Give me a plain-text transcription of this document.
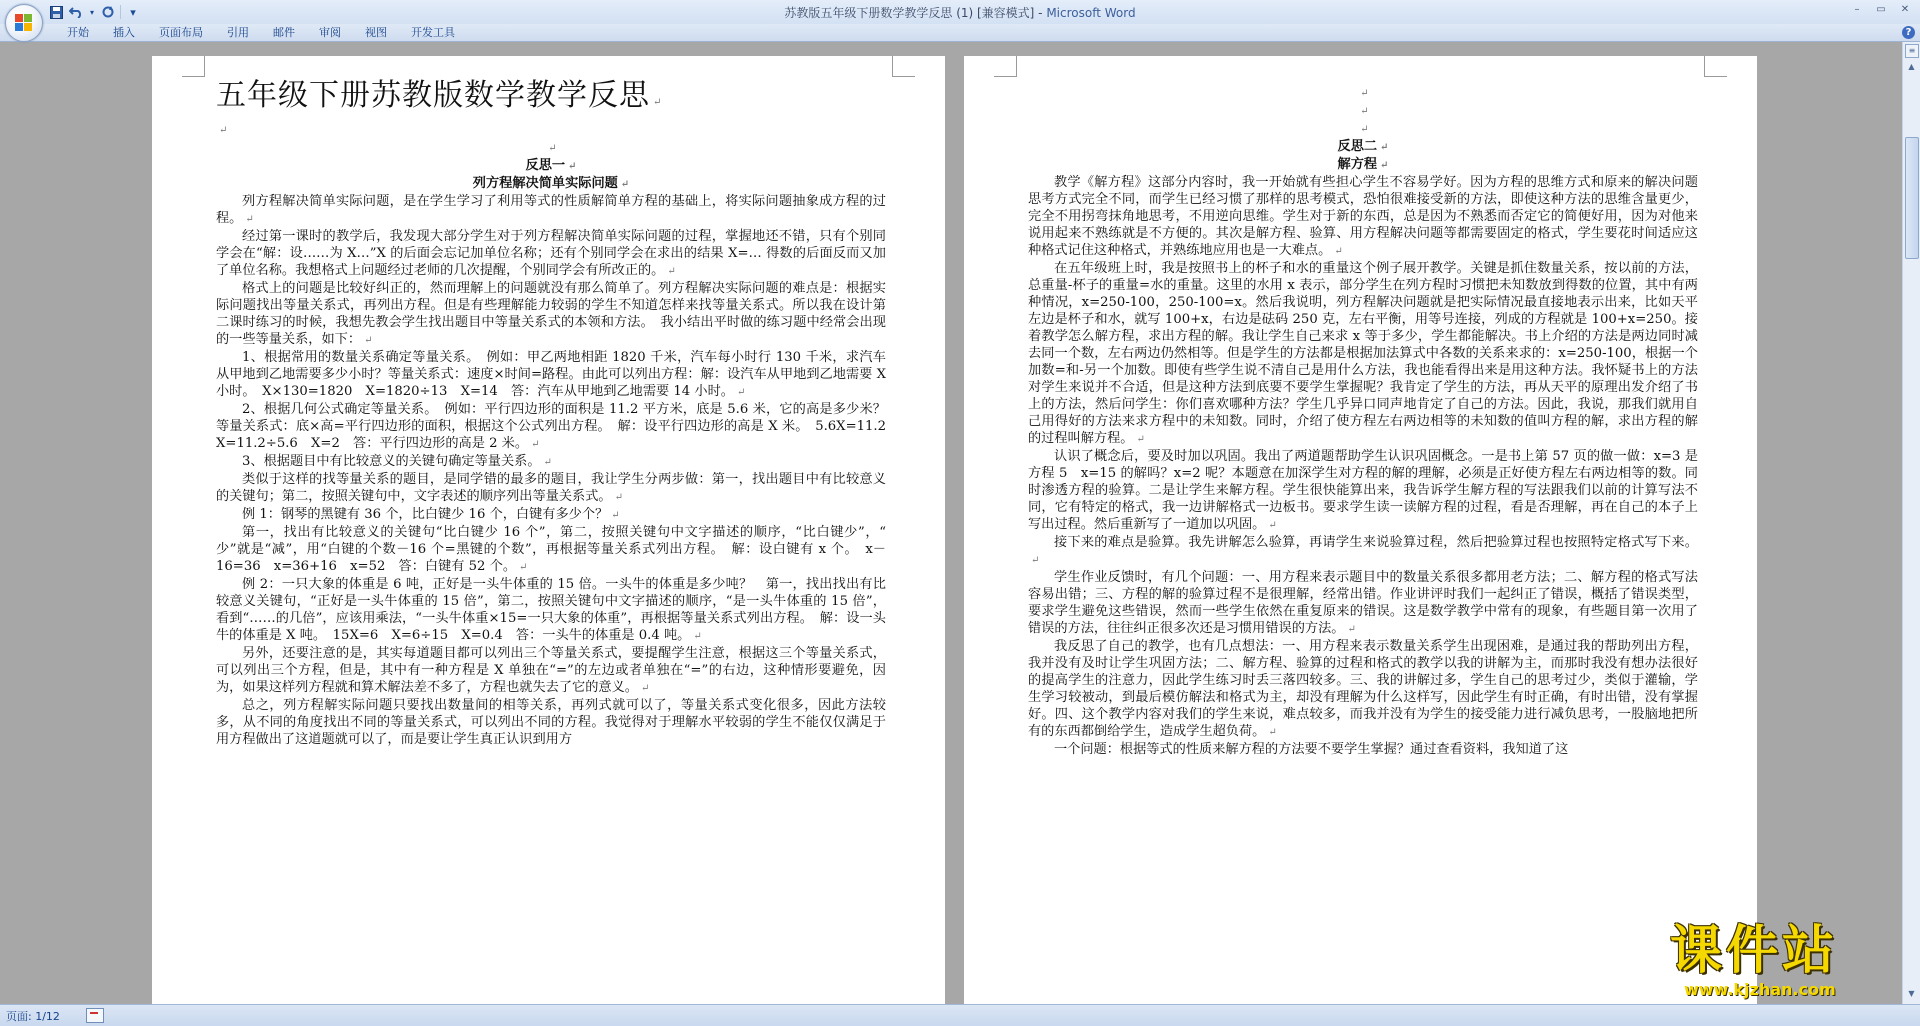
▾	▾	苏教版五年级下册数学教学反思 (1) [兼容模式] - Microsoft Word	–	▭	✕
开始	插入	页面布局	引用	邮件	审阅	视图	开发工具	?

五年级下册苏教版数学教学反思 ↵

↵

↵

反思一 ↵

列方程解决简单实际问题 ↵

列方程解决简单实际问题，是在学生学习了利用等式的性质解简单方程的基础上，将实际问题抽象成方程的过程。 ↵

经过第一课时的教学后，我发现大部分学生对于列方程解决简单实际问题的过程，掌握地还不错，只有个别同学会在“解：设……为 X…”X 的后面会忘记加单位名称；还有个别同学会在求出的结果 X=… 得数的后面反而又加了单位名称。我想格式上问题经过老师的几次提醒，个别同学会有所改正的。 ↵

格式上的问题是比较好纠正的，然而理解上的问题就没有那么简单了。列方程解决实际问题的难点是：根据实际问题找出等量关系式，再列出方程。但是有些理解能力较弱的学生不知道怎样来找等量关系式。所以我在设计第二课时练习的时候，我想先教会学生找出题目中等量关系式的本领和方法。　我小结出平时做的练习题中经常会出现的一些等量关系，如下： ↵

1、根据常用的数量关系确定等量关系。　例如：甲乙两地相距 1820 千米，汽车每小时行 130 千米，求汽车从甲地到乙地需要多少小时？等量关系式：速度×时间=路程。由此可以列出方程：解：设汽车从甲地到乙地需要 X 小时。　X×130=1820　X=1820÷13　X=14　答：汽车从甲地到乙地需要 14 小时。 ↵

2、根据几何公式确定等量关系。　例如：平行四边形的面积是 11.2 平方米，底是 5.6 米，它的高是多少米？　等量关系式：底×高=平行四边形的面积，根据这个公式列出方程。　解：设平行四边形的高是 X 米。　5.6X=11.2　X=11.2÷5.6　X=2　答：平行四边形的高是 2 米。 ↵

3、根据题目中有比较意义的关键句确定等量关系。 ↵

类似于这样的找等量关系的题目，是同学错的最多的题目，我让学生分两步做：第一，找出题目中有比较意义的关键句；第二，按照关键句中，文字表述的顺序列出等量关系式。 ↵

例 1：钢琴的黑键有 36 个，比白键少 16 个，白键有多少个？ ↵

第一，找出有比较意义的关键句“比白键少 16 个”，第二，按照关键句中文字描述的顺序，“比白键少”，“　少”就是“减”，用“白键的个数－16 个=黑键的个数”，再根据等量关系式列出方程。　解：设白键有 x 个。　x－16=36　x=36+16　x=52　答：白键有 52 个。 ↵

例 2：一只大象的体重是 6 吨，正好是一头牛体重的 15 倍。一头牛的体重是多少吨？　第一，找出找出有比较意义关键句，“正好是一头牛体重的 15 倍”，第二，按照关键句中文字描述的顺序，“是一头牛体重的 15 倍”，看到“……的几倍”，应该用乘法，“一头牛体重×15=一只大象的体重”，再根据等量关系式列出方程。　解：设一头牛的体重是 X 吨。　15X=6　X=6÷15　X=0.4　答：一头牛的体重是 0.4 吨。 ↵

另外，还要注意的是，其实每道题目都可以列出三个等量关系式，要提醒学生注意，根据这三个等量关系式，可以列出三个方程，但是，其中有一种方程是 X 单独在“=”的左边或者单独在“=”的右边，这种情形要避免，因为，如果这样列方程就和算术解法差不多了，方程也就失去了它的意义。 ↵

总之，列方程解实际问题只要找出数量间的相等关系，再列式就可以了，等量关系式变化很多，因此方法较多，从不同的角度找出不同的等量关系式，可以列出不同的方程。我觉得对于理解水平较弱的学生不能仅仅满足于用方程做出了这道题就可以了，而是要让学生真正认识到用方

↵

↵

↵

反思二 ↵

解方程 ↵

教学《解方程》这部分内容时，我一开始就有些担心学生不容易学好。因为方程的思维方式和原来的解决问题思考方式完全不同，而学生已经习惯了那样的思考模式，恐怕很难接受新的方法，即使这种方法的思维含量更少，完全不用拐弯抹角地思考，不用逆向思维。学生对于新的东西，总是因为不熟悉而否定它的简便好用，因为对他来说用起来不熟练就是不方便的。其次是解方程、验算、用方程解决问题等都需要固定的格式，学生要花时间适应这种格式记住这种格式，并熟练地应用也是一大难点。 ↵

在五年级班上时，我是按照书上的杯子和水的重量这个例子展开教学。关键是抓住数量关系，按以前的方法，总重量-杯子的重量=水的重量。这里的水用 x 表示，部分学生在列方程时习惯把未知数放到得数的位置，其中有两种情况，x=250-100，250-100=x。然后我说明，列方程解决问题就是把实际情况最直接地表示出来，比如天平左边是杯子和水，就写 100+x，右边是砝码 250 克，左右平衡，用等号连接，列成的方程就是 100+x=250。接着教学怎么解方程，求出方程的解。我让学生自己来求 x 等于多少，学生都能解决。书上介绍的方法是两边同时减去同一个数，左右两边仍然相等。但是学生的方法都是根据加法算式中各数的关系来求的：x=250-100，根据一个加数=和-另一个加数。即使有些学生说不清自己是用什么方法，我也能看得出来是用这种方法。我怀疑书上的方法对学生来说并不合适，但是这种方法到底要不要学生掌握呢？我肯定了学生的方法，再从天平的原理出发介绍了书上的方法，然后问学生：你们喜欢哪种方法？学生几乎异口同声地肯定了自己的方法。因此，我说，那我们就用自己用得好的方法来求方程中的未知数。同时，介绍了使方程左右两边相等的未知数的值叫方程的解，求出方程的解的过程叫解方程。 ↵

认识了概念后，要及时加以巩固。我出了两道题帮助学生认识巩固概念。一是书上第 57 页的做一做：x=3 是方程 5　x=15 的解吗？x=2 呢？本题意在加深学生对方程的解的理解，必须是正好使方程左右两边相等的数。同时渗透方程的验算。二是让学生来解方程。学生很快能算出来，我告诉学生解方程的写法跟我们以前的计算写法不同，它有特定的格式，我一边讲解格式一边板书。要求学生读一读解方程的过程，看是否理解，再在自己的本子上写出过程。然后重新写了一道加以巩固。 ↵

接下来的难点是验算。我先讲解怎么验算，再请学生来说验算过程，然后把验算过程也按照特定格式写下来。↵

学生作业反馈时，有几个问题：一、用方程来表示题目中的数量关系很多都用老方法；二、解方程的格式写法容易出错；三、方程的解的验算过程不是很理解，经常出错。作业讲评时我们一起纠正了错误，概括了错误类型，要求学生避免这些错误，然而一些学生依然在重复原来的错误。这是数学教学中常有的现象，有些题目第一次用了错误的方法，往往纠正很多次还是习惯用错误的方法。 ↵

我反思了自己的教学，也有几点想法：一、用方程来表示数量关系学生出现困难，是通过我的帮助列出方程，我并没有及时让学生巩固方法；二、解方程、验算的过程和格式的教学以我的讲解为主，而那时我没有想办法很好的提高学生的注意力，因此学生练习时丢三落四较多。三、我的讲解过多，学生自己的思考过少，类似于灌输，学生学习较被动，到最后模仿解法和格式为主，却没有理解为什么这样写，因此学生有时正确，有时出错，没有掌握好。四、这个教学内容对我们的学生来说，难点较多，而我并没有为学生的接受能力进行减负思考，一股脑地把所有的东西都倒给学生，造成学生超负荷。 ↵

一个问题：根据等式的性质来解方程的方法要不要学生掌握？通过查看资料，我知道了这

≡
▲
▼
课件站
www.kjzhan.com
页面: 1/12
